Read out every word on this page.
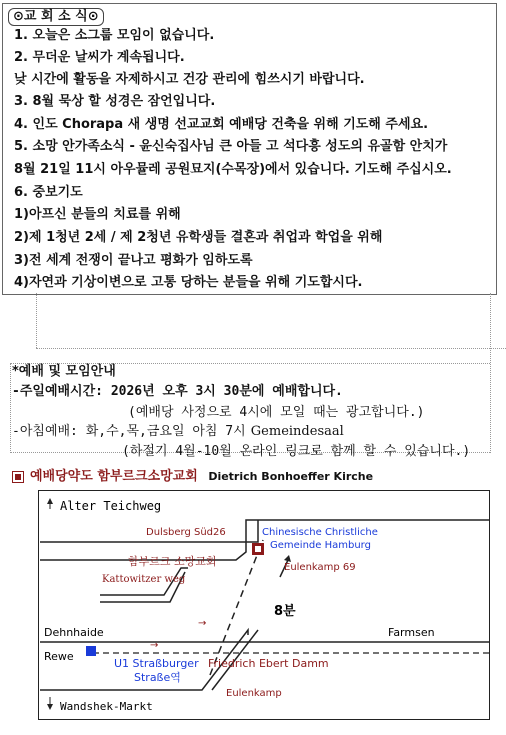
⊙교 회 소 식⊙
1. 오늘은 소그룹 모임이 없습니다.
2. 무더운 날씨가 계속됩니다.
낮 시간에 활동을 자제하시고 건강 관리에 힘쓰시기 바랍니다.
3. 8월 묵상 할 성경은 잠언입니다.
4. 인도 Chorapa 새 생명 선교교회 예배당 건축을 위해 기도해 주세요.
5. 소망 안가족소식 - 윤신숙집사님 큰 아들 고 석다흥 성도의 유골함 안치가
8월 21일 11시 아우뮬레 공원묘지(수목장)에서 있습니다. 기도해 주십시오.
6. 중보기도
1)아프신 분들의 치료를 위해
2)제 1청년 2세 / 제 2청년 유학생들 결혼과 취업과 학업을 위해
3)전 세계 전쟁이 끝나고 평화가 임하도록
4)자연과 기상이변으로 고통 당하는 분들을 위해 기도합시다.
*예배 및 모임안내
-주일예배시간: 2026년 오후 3시 30분에 예배합니다.
(예배당 사정으로 4시에 모일 때는 광고합니다.)
-아침예배: 화,수,목,금요일 아침 7시 Gemeindesaal
(하절기 4월-10월 온라인 링크로 함께 할 수 있습니다.)
예배당약도 함부르크소망교회 Dietrich Bonhoeffer Kirche
→
→
Alter Teichweg
Dulsberg Süd26	Chinesische Christliche
Gemeinde Hamburg
함부르크 소망교회	Eulenkamp 69
Kattowitzer weg
8분
Dehnhaide
Rewe
Farmsen
U1 Straßburger
Straße역
Friedrich Ebert Damm
Eulenkamp
Wandshek-Markt
